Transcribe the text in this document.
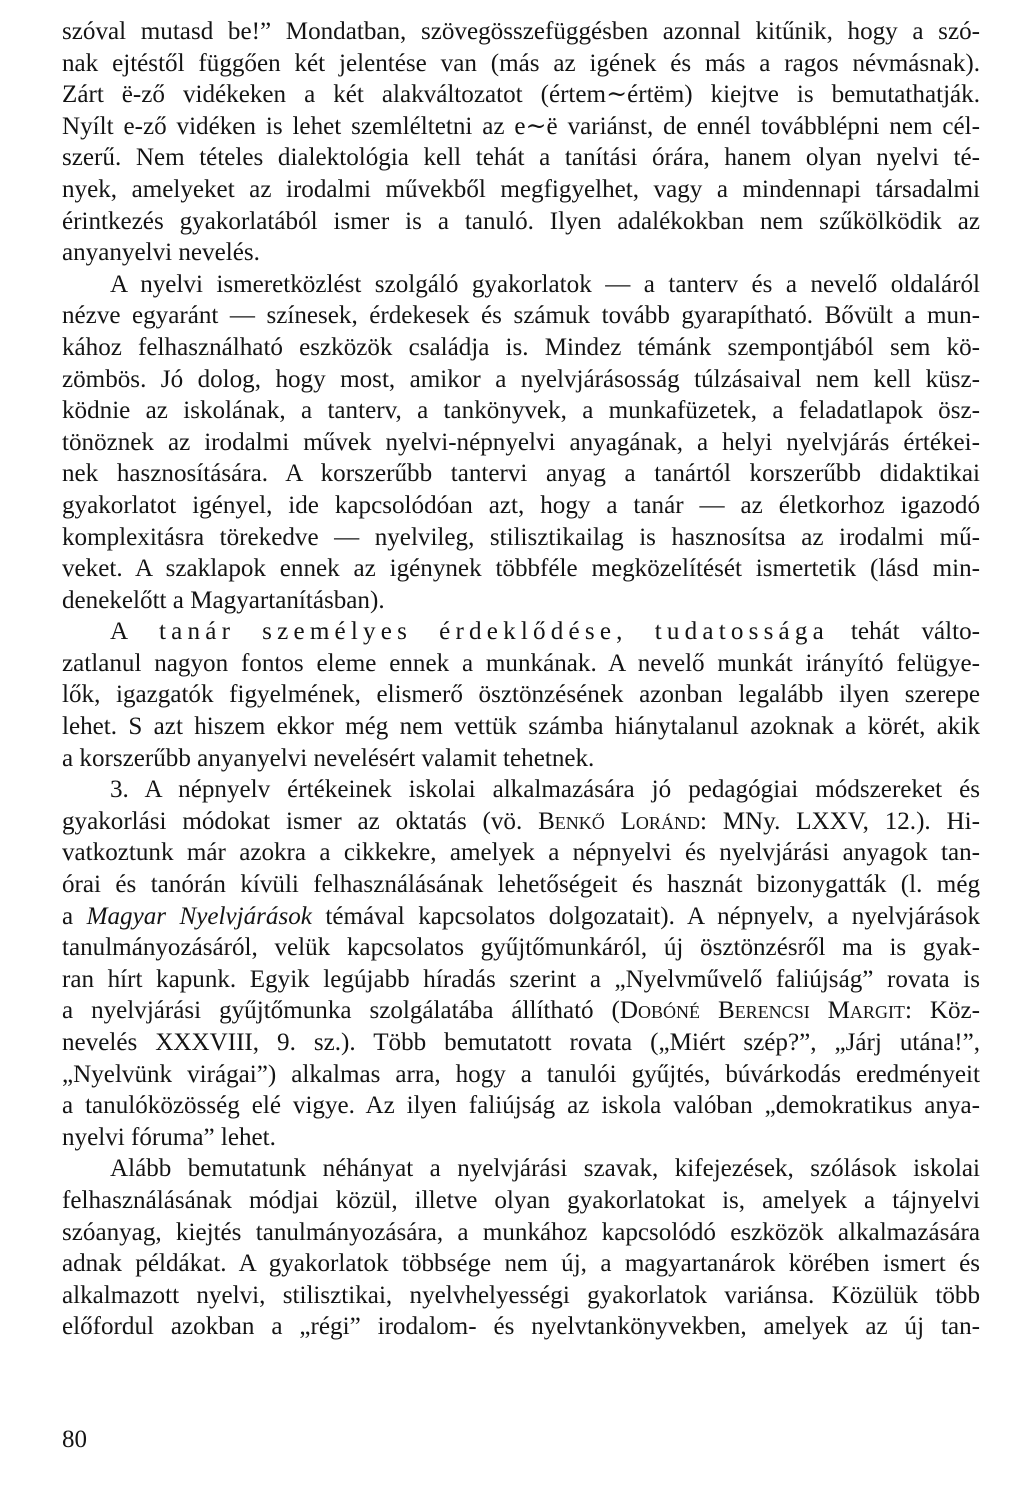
szóval mutasd be!” Mondatban, szövegösszefüggésben azonnal kitűnik, hogy a szó-
nak ejtéstől függően két jelentése van (más az igének és más a ragos névmásnak).
Zárt ë-ző vidékeken a két alakváltozatot (értem∼értëm) kiejtve is bemutathatják.
Nyílt e-ző vidéken is lehet szemléltetni az e∼ë variánst, de ennél továbblépni nem cél-
szerű. Nem tételes dialektológia kell tehát a tanítási órára, hanem olyan nyelvi té-
nyek, amelyeket az irodalmi művekből megfigyelhet, vagy a mindennapi társadalmi
érintkezés gyakorlatából ismer is a tanuló. Ilyen adalékokban nem szűkölködik az
anyanyelvi nevelés.

A nyelvi ismeretközlést szolgáló gyakorlatok — a tanterv és a nevelő oldaláról
nézve egyaránt — színesek, érdekesek és számuk tovább gyarapítható. Bővült a mun-
kához felhasználható eszközök családja is. Mindez témánk szempontjából sem kö-
zömbös. Jó dolog, hogy most, amikor a nyelvjárásosság túlzásaival nem kell küsz-
ködnie az iskolának, a tanterv, a tankönyvek, a munkafüzetek, a feladatlapok ösz-
tönöznek az irodalmi művek nyelvi-népnyelvi anyagának, a helyi nyelvjárás értékei-
nek hasznosítására. A korszerűbb tantervi anyag a tanártól korszerűbb didaktikai
gyakorlatot igényel, ide kapcsolódóan azt, hogy a tanár — az életkorhoz igazodó
komplexitásra törekedve — nyelvileg, stilisztikailag is hasznosítsa az irodalmi mű-
veket. A szaklapok ennek az igénynek többféle megközelítését ismertetik (lásd min-
denekelőtt a Magyartanításban).

A tanár személyes érdeklődése, tudatossága tehát válto-
zatlanul nagyon fontos eleme ennek a munkának. A nevelő munkát irányító felügye-
lők, igazgatók figyelmének, elismerő ösztönzésének azonban legalább ilyen szerepe
lehet. S azt hiszem ekkor még nem vettük számba hiánytalanul azoknak a körét, akik
a korszerűbb anyanyelvi nevelésért valamit tehetnek.

3. A népnyelv értékeinek iskolai alkalmazására jó pedagógiai módszereket és
gyakorlási módokat ismer az oktatás (vö. Benkő Loránd: MNy. LXXV, 12.). Hi-
vatkoztunk már azokra a cikkekre, amelyek a népnyelvi és nyelvjárási anyagok tan-
órai és tanórán kívüli felhasználásának lehetőségeit és hasznát bizonygatták (l. még
a Magyar Nyelvjárások témával kapcsolatos dolgozatait). A népnyelv, a nyelvjárások
tanulmányozásáról, velük kapcsolatos gyűjtőmunkáról, új ösztönzésről ma is gyak-
ran hírt kapunk. Egyik legújabb híradás szerint a „Nyelvművelő faliújság” rovata is
a nyelvjárási gyűjtőmunka szolgálatába állítható (Dobóné Berencsi Margit: Köz-
nevelés XXXVIII, 9. sz.). Több bemutatott rovata („Miért szép?”, „Járj utána!”,
„Nyelvünk virágai”) alkalmas arra, hogy a tanulói gyűjtés, búvárkodás eredményeit
a tanulóközösség elé vigye. Az ilyen faliújság az iskola valóban „demokratikus anya-
nyelvi fóruma” lehet.

Alább bemutatunk néhányat a nyelvjárási szavak, kifejezések, szólások iskolai
felhasználásának módjai közül, illetve olyan gyakorlatokat is, amelyek a tájnyelvi
szóanyag, kiejtés tanulmányozására, a munkához kapcsolódó eszközök alkalmazására
adnak példákat. A gyakorlatok többsége nem új, a magyartanárok körében ismert és
alkalmazott nyelvi, stilisztikai, nyelvhelyességi gyakorlatok variánsa. Közülük több
előfordul azokban a „régi” irodalom- és nyelvtankönyvekben, amelyek az új tan-

80
